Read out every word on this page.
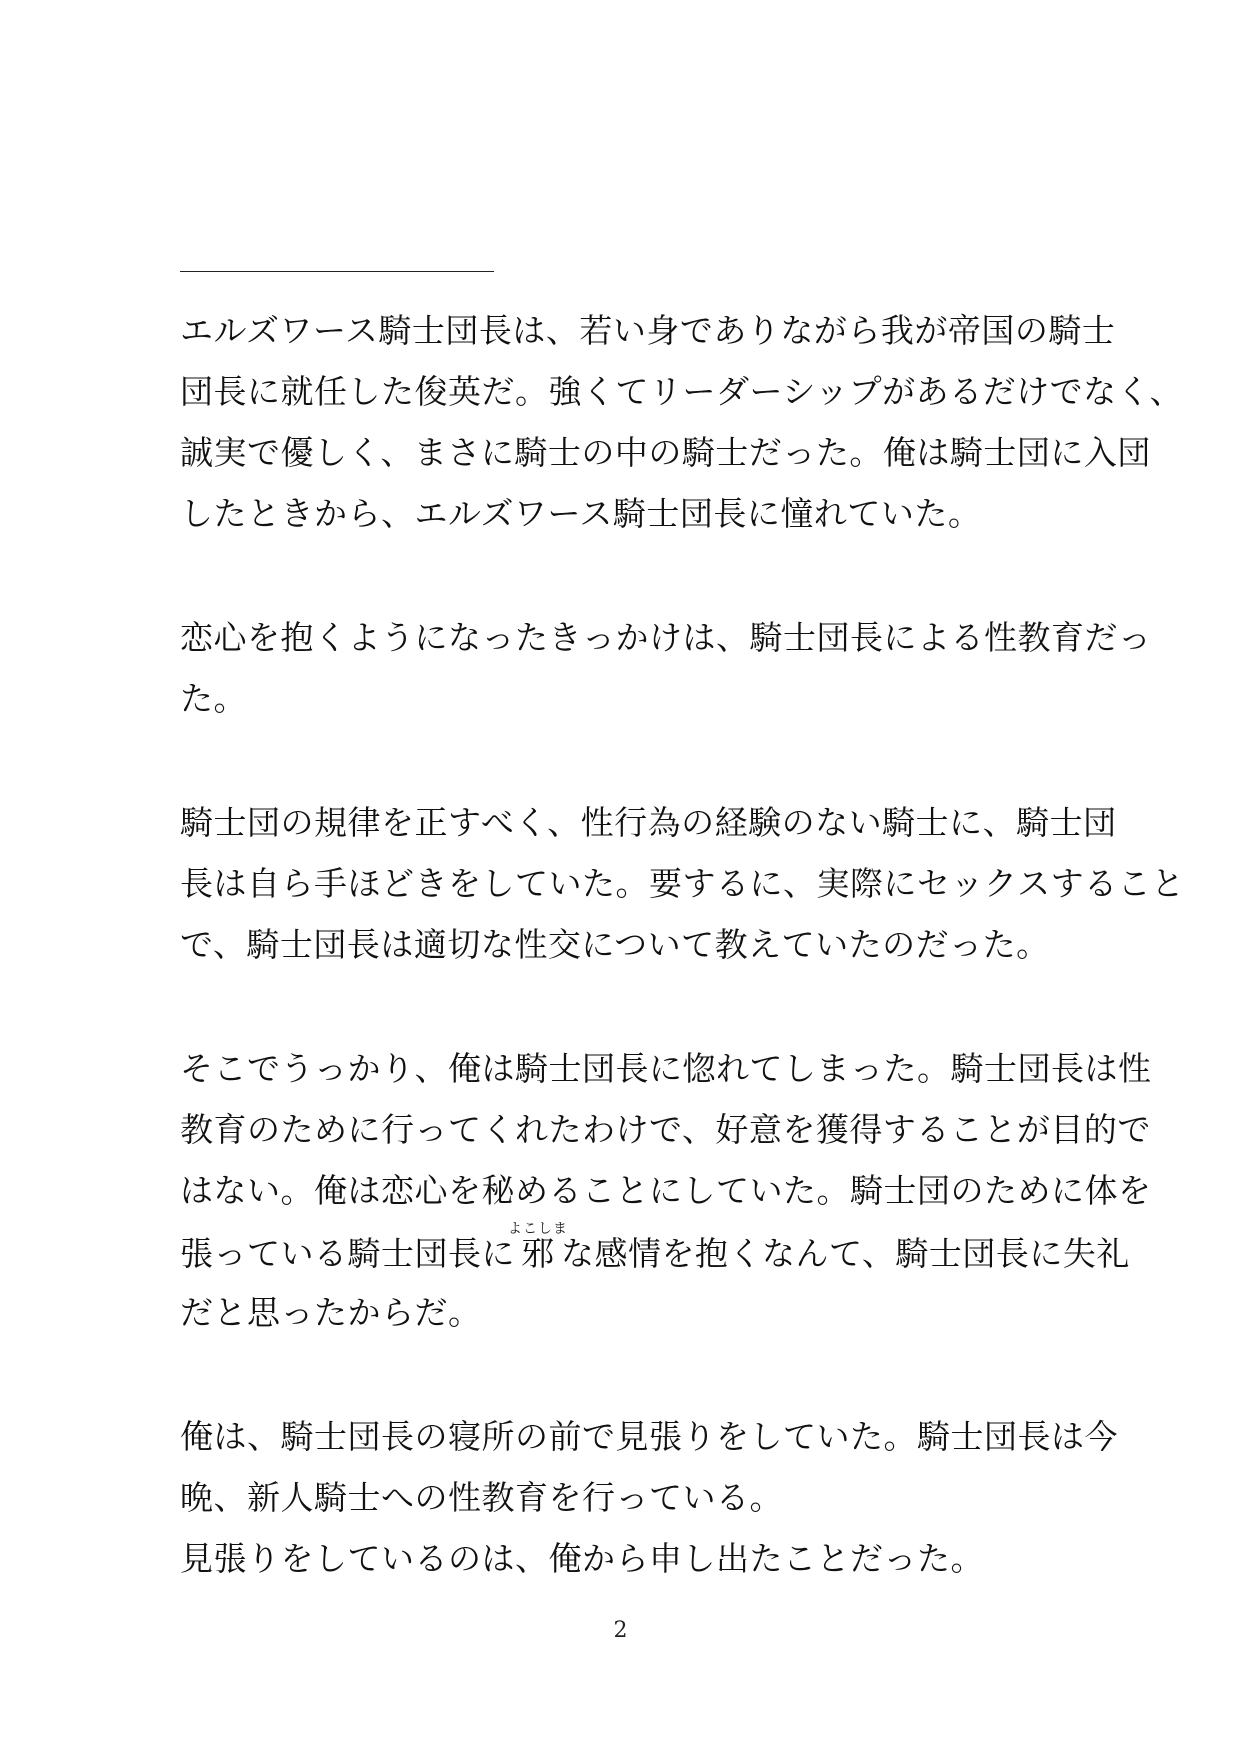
エルズワース騎士団長は、若い身でありながら我が帝国の騎士
団長に就任した俊英だ。強くてリーダーシップがあるだけでなく、
誠実で優しく、まさに騎士の中の騎士だった。俺は騎士団に入団
したときから、エルズワース騎士団長に憧れていた。
恋心を抱くようになったきっかけは、騎士団長による性教育だっ
た。
騎士団の規律を正すべく、性行為の経験のない騎士に、騎士団
長は自ら手ほどきをしていた。要するに、実際にセックスすること
で、騎士団長は適切な性交について教えていたのだった。
そこでうっかり、俺は騎士団長に惚れてしまった。騎士団長は性
教育のために行ってくれたわけで、好意を獲得することが目的で
はない。俺は恋心を秘めることにしていた。騎士団のために体を
張っている騎士団長に邪よこしまな感情を抱くなんて、騎士団長に失礼
だと思ったからだ。
俺は、騎士団長の寝所の前で見張りをしていた。騎士団長は今
晩、新人騎士への性教育を行っている。
見張りをしているのは、俺から申し出たことだった。
2
